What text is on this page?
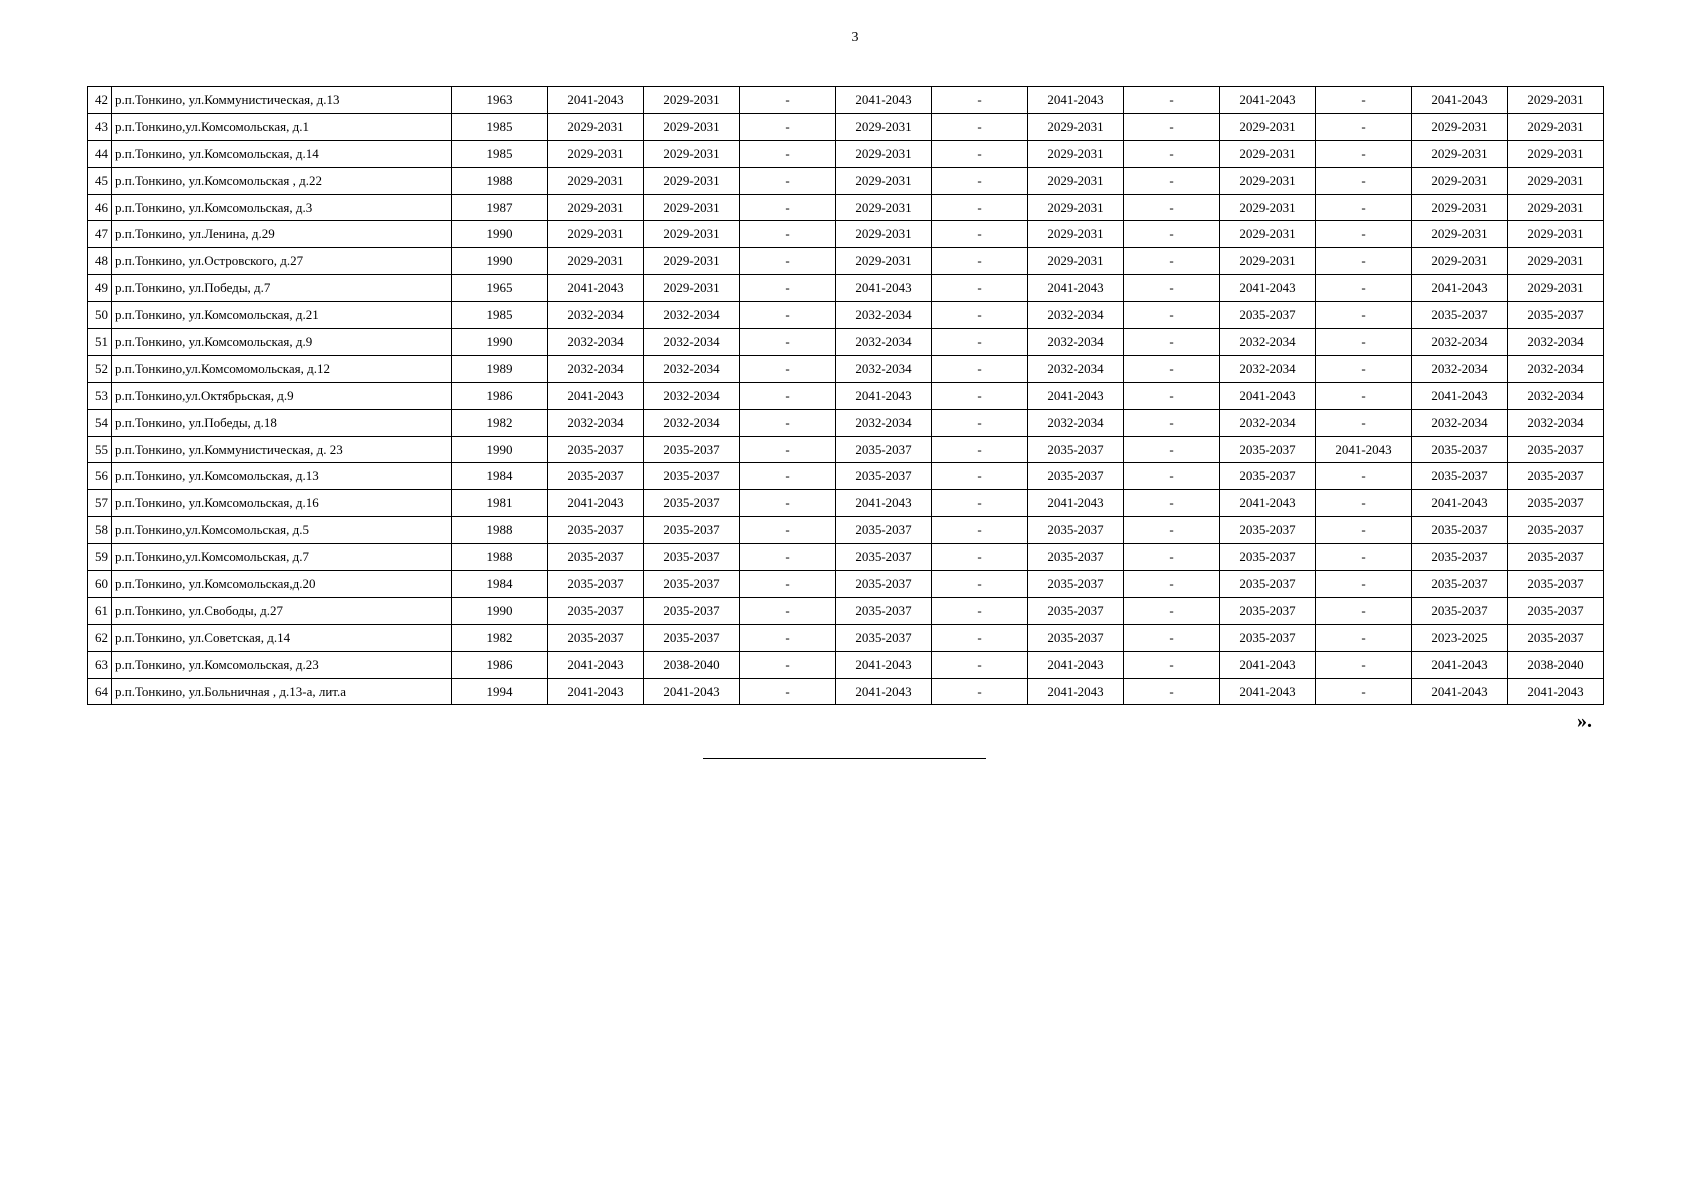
3
42	р.п.Тонкино, ул.Коммунистическая, д.13	1963	2041-2043	2029-2031	-	2041-2043	-	2041-2043	-	2041-2043	-	2041-2043	2029-2031
43	р.п.Тонкино,ул.Комсомольская, д.1	1985	2029-2031	2029-2031	-	2029-2031	-	2029-2031	-	2029-2031	-	2029-2031	2029-2031
44	р.п.Тонкино, ул.Комсомольская, д.14	1985	2029-2031	2029-2031	-	2029-2031	-	2029-2031	-	2029-2031	-	2029-2031	2029-2031
45	р.п.Тонкино, ул.Комсомольская , д.22	1988	2029-2031	2029-2031	-	2029-2031	-	2029-2031	-	2029-2031	-	2029-2031	2029-2031
46	р.п.Тонкино, ул.Комсомольская, д.3	1987	2029-2031	2029-2031	-	2029-2031	-	2029-2031	-	2029-2031	-	2029-2031	2029-2031
47	р.п.Тонкино, ул.Ленина, д.29	1990	2029-2031	2029-2031	-	2029-2031	-	2029-2031	-	2029-2031	-	2029-2031	2029-2031
48	р.п.Тонкино, ул.Островского, д.27	1990	2029-2031	2029-2031	-	2029-2031	-	2029-2031	-	2029-2031	-	2029-2031	2029-2031
49	р.п.Тонкино, ул.Победы, д.7	1965	2041-2043	2029-2031	-	2041-2043	-	2041-2043	-	2041-2043	-	2041-2043	2029-2031
50	р.п.Тонкино, ул.Комсомольская, д.21	1985	2032-2034	2032-2034	-	2032-2034	-	2032-2034	-	2035-2037	-	2035-2037	2035-2037
51	р.п.Тонкино, ул.Комсомольская, д.9	1990	2032-2034	2032-2034	-	2032-2034	-	2032-2034	-	2032-2034	-	2032-2034	2032-2034
52	р.п.Тонкино,ул.Комсомомольская, д.12	1989	2032-2034	2032-2034	-	2032-2034	-	2032-2034	-	2032-2034	-	2032-2034	2032-2034
53	р.п.Тонкино,ул.Октябрьская, д.9	1986	2041-2043	2032-2034	-	2041-2043	-	2041-2043	-	2041-2043	-	2041-2043	2032-2034
54	р.п.Тонкино, ул.Победы, д.18	1982	2032-2034	2032-2034	-	2032-2034	-	2032-2034	-	2032-2034	-	2032-2034	2032-2034
55	р.п.Тонкино, ул.Коммунистическая, д. 23	1990	2035-2037	2035-2037	-	2035-2037	-	2035-2037	-	2035-2037	2041-2043	2035-2037	2035-2037
56	р.п.Тонкино, ул.Комсомольская, д.13	1984	2035-2037	2035-2037	-	2035-2037	-	2035-2037	-	2035-2037	-	2035-2037	2035-2037
57	р.п.Тонкино, ул.Комсомольская, д.16	1981	2041-2043	2035-2037	-	2041-2043	-	2041-2043	-	2041-2043	-	2041-2043	2035-2037
58	р.п.Тонкино,ул.Комсомольская, д.5	1988	2035-2037	2035-2037	-	2035-2037	-	2035-2037	-	2035-2037	-	2035-2037	2035-2037
59	р.п.Тонкино,ул.Комсомольская, д.7	1988	2035-2037	2035-2037	-	2035-2037	-	2035-2037	-	2035-2037	-	2035-2037	2035-2037
60	р.п.Тонкино, ул.Комсомольская,д.20	1984	2035-2037	2035-2037	-	2035-2037	-	2035-2037	-	2035-2037	-	2035-2037	2035-2037
61	р.п.Тонкино, ул.Свободы, д.27	1990	2035-2037	2035-2037	-	2035-2037	-	2035-2037	-	2035-2037	-	2035-2037	2035-2037
62	р.п.Тонкино, ул.Советская, д.14	1982	2035-2037	2035-2037	-	2035-2037	-	2035-2037	-	2035-2037	-	2023-2025	2035-2037
63	р.п.Тонкино, ул.Комсомольская, д.23	1986	2041-2043	2038-2040	-	2041-2043	-	2041-2043	-	2041-2043	-	2041-2043	2038-2040
64	р.п.Тонкино, ул.Больничная , д.13-а, лит.а	1994	2041-2043	2041-2043	-	2041-2043	-	2041-2043	-	2041-2043	-	2041-2043	2041-2043
».
